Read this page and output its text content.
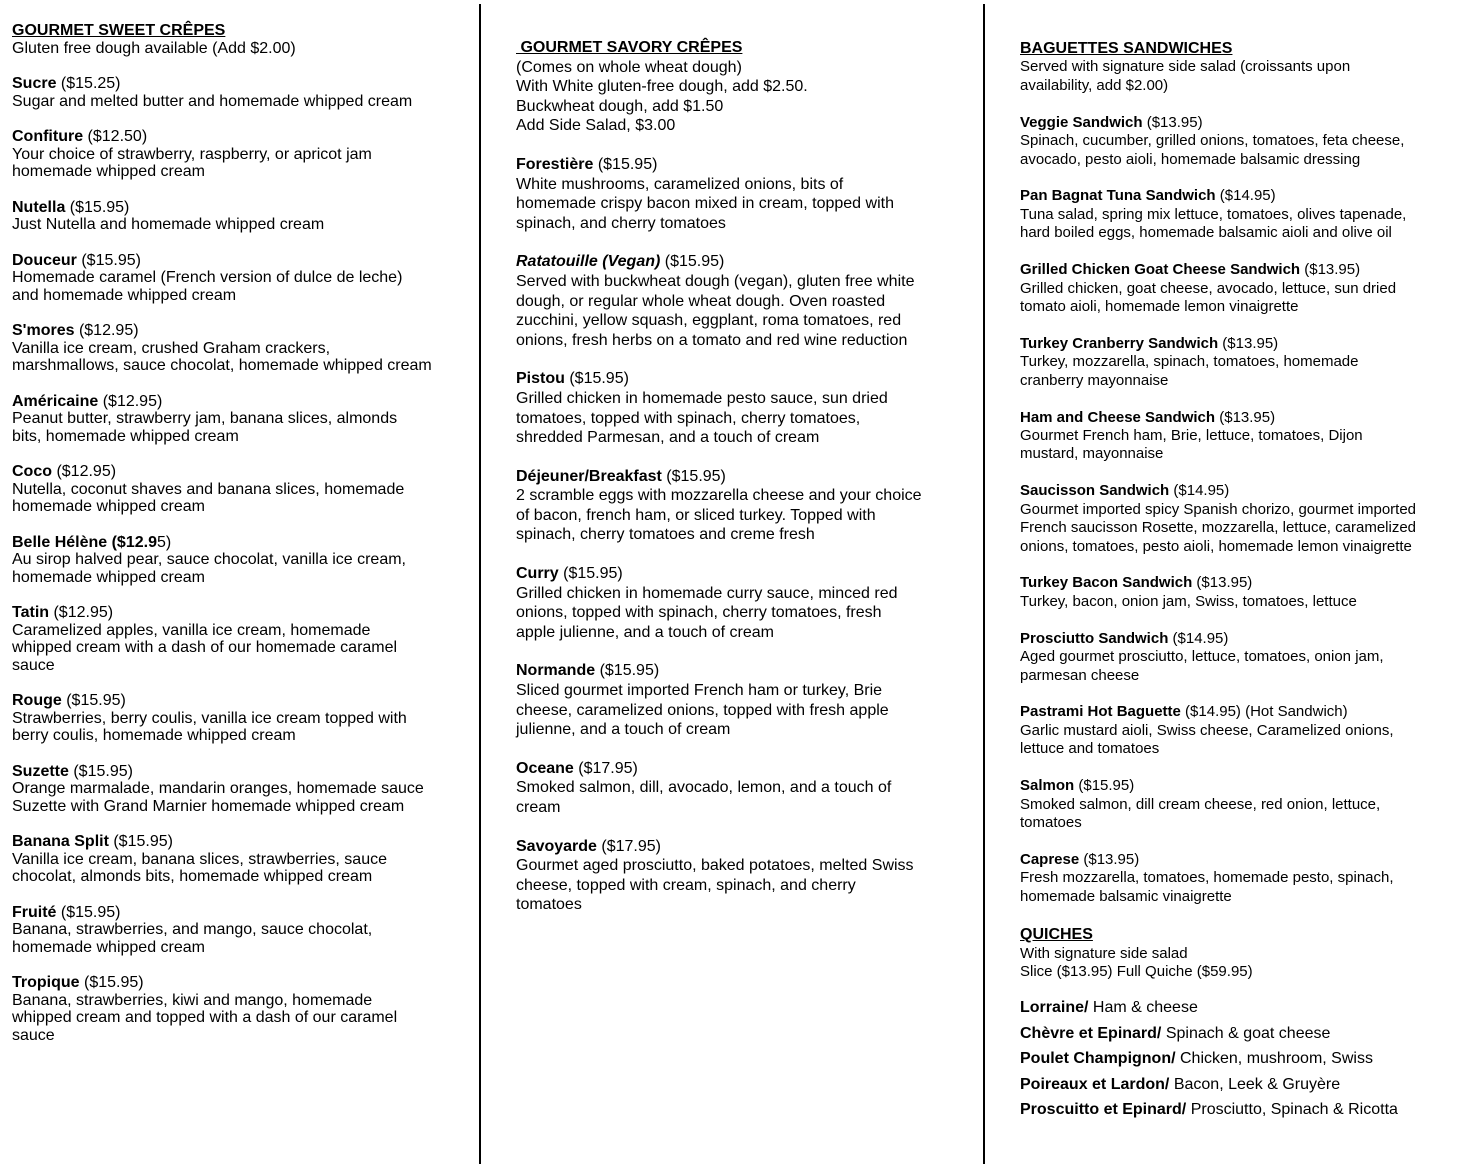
GOURMET SWEET CRÊPES
Gluten free dough available (Add $2.00)
Sucre ($15.25)
Sugar and melted butter and homemade whipped cream
Confiture ($12.50)
Your choice of strawberry, raspberry, or apricot jam
homemade whipped cream
Nutella ($15.95)
Just Nutella and homemade whipped cream
Douceur ($15.95)
Homemade caramel (French version of dulce de leche)
and homemade whipped cream
S'mores ($12.95)
Vanilla ice cream, crushed Graham crackers,
marshmallows, sauce chocolat, homemade whipped cream
Américaine ($12.95)
Peanut butter, strawberry jam, banana slices, almonds
bits, homemade whipped cream
Coco ($12.95)
Nutella, coconut shaves and banana slices, homemade
homemade whipped cream
Belle Hélène ($12.95)
Au sirop halved pear, sauce chocolat, vanilla ice cream,
homemade whipped cream
Tatin ($12.95)
Caramelized apples, vanilla ice cream, homemade
whipped cream with a dash of our homemade caramel
sauce
Rouge ($15.95)
Strawberries, berry coulis, vanilla ice cream topped with
berry coulis, homemade whipped cream
Suzette ($15.95)
Orange marmalade, mandarin oranges, homemade sauce
Suzette with Grand Marnier homemade whipped cream
Banana Split ($15.95)
Vanilla ice cream, banana slices, strawberries, sauce
chocolat, almonds bits, homemade whipped cream
Fruité ($15.95)
Banana, strawberries, and mango, sauce chocolat,
homemade whipped cream
Tropique ($15.95)
Banana, strawberries, kiwi and mango, homemade
whipped cream and topped with a dash of our caramel
sauce
GOURMET SAVORY CRÊPES
(Comes on whole wheat dough)
With White gluten-free dough, add $2.50.
Buckwheat dough, add $1.50
Add Side Salad, $3.00
Forestière ($15.95)
White mushrooms, caramelized onions, bits of
homemade crispy bacon mixed in cream, topped with
spinach, and cherry tomatoes
Ratatouille (Vegan) ($15.95)
Served with buckwheat dough (vegan), gluten free white
dough, or regular whole wheat dough. Oven roasted
zucchini, yellow squash, eggplant, roma tomatoes, red
onions, fresh herbs on a tomato and red wine reduction
Pistou ($15.95)
Grilled chicken in homemade pesto sauce, sun dried
tomatoes, topped with spinach, cherry tomatoes,
shredded Parmesan, and a touch of cream
Déjeuner/Breakfast ($15.95)
2 scramble eggs with mozzarella cheese and your choice
of bacon, french ham, or sliced turkey. Topped with
spinach, cherry tomatoes and creme fresh
Curry ($15.95)
Grilled chicken in homemade curry sauce, minced red
onions, topped with spinach, cherry tomatoes, fresh
apple julienne, and a touch of cream
Normande ($15.95)
Sliced gourmet imported French ham or turkey, Brie
cheese, caramelized onions, topped with fresh apple
julienne, and a touch of cream
Oceane ($17.95)
Smoked salmon, dill, avocado, lemon, and a touch of
cream
Savoyarde ($17.95)
Gourmet aged prosciutto, baked potatoes, melted Swiss
cheese, topped with cream, spinach, and cherry
tomatoes
BAGUETTES SANDWICHES
Served with signature side salad (croissants upon
availability, add $2.00)
Veggie Sandwich ($13.95)
Spinach, cucumber, grilled onions, tomatoes, feta cheese,
avocado, pesto aioli, homemade balsamic dressing
Pan Bagnat Tuna Sandwich ($14.95)
Tuna salad, spring mix lettuce, tomatoes, olives tapenade,
hard boiled eggs, homemade balsamic aioli and olive oil
Grilled Chicken Goat Cheese Sandwich ($13.95)
Grilled chicken, goat cheese, avocado, lettuce, sun dried
tomato aioli, homemade lemon vinaigrette
Turkey Cranberry Sandwich ($13.95)
Turkey, mozzarella, spinach, tomatoes, homemade
cranberry mayonnaise
Ham and Cheese Sandwich ($13.95)
Gourmet French ham, Brie, lettuce, tomatoes, Dijon
mustard, mayonnaise
Saucisson Sandwich ($14.95)
Gourmet imported spicy Spanish chorizo, gourmet imported
French saucisson Rosette, mozzarella, lettuce, caramelized
onions, tomatoes, pesto aioli, homemade lemon vinaigrette
Turkey Bacon Sandwich ($13.95)
Turkey, bacon, onion jam, Swiss, tomatoes, lettuce
Prosciutto Sandwich ($14.95)
Aged gourmet prosciutto, lettuce, tomatoes, onion jam,
parmesan cheese
Pastrami Hot Baguette ($14.95) (Hot Sandwich)
Garlic mustard aioli, Swiss cheese, Caramelized onions,
lettuce and tomatoes
Salmon ($15.95)
Smoked salmon, dill cream cheese, red onion, lettuce,
tomatoes
Caprese ($13.95)
Fresh mozzarella, tomatoes, homemade pesto, spinach,
homemade balsamic vinaigrette
QUICHES
With signature side salad
Slice ($13.95) Full Quiche ($59.95)
Lorraine/ Ham & cheese
Chèvre et Epinard/ Spinach & goat cheese
Poulet Champignon/ Chicken, mushroom, Swiss
Poireaux et Lardon/ Bacon, Leek & Gruyère
Proscuitto et Epinard/ Prosciutto, Spinach & Ricotta
